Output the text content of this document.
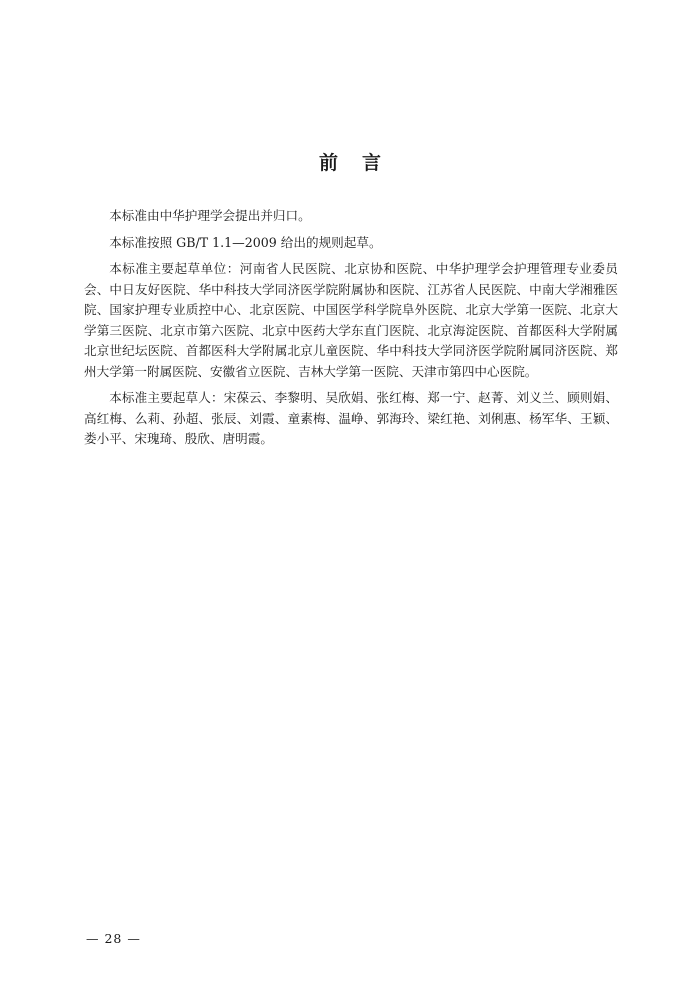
前言

本标准由中华护理学会提出并归口。

本标准按照 GB/T 1.1—2009 给出的规则起草。

本标准主要起草单位：河南省人民医院、北京协和医院、中华护理学会护理管理专业委员会、中日友好医院、华中科技大学同济医学院附属协和医院、江苏省人民医院、中南大学湘雅医院、国家护理专业质控中心、北京医院、中国医学科学院阜外医院、北京大学第一医院、北京大学第三医院、北京市第六医院、北京中医药大学东直门医院、北京海淀医院、首都医科大学附属北京世纪坛医院、首都医科大学附属北京儿童医院、华中科技大学同济医学院附属同济医院、郑州大学第一附属医院、安徽省立医院、吉林大学第一医院、天津市第四中心医院。

本标准主要起草人：宋葆云、李黎明、吴欣娟、张红梅、郑一宁、赵菁、刘义兰、顾则娟、高红梅、么莉、孙超、张辰、刘霞、童素梅、温峥、郭海玲、梁红艳、刘俐惠、杨军华、王颖、娄小平、宋瑰琦、殷欣、唐明霞。

— 28 —
